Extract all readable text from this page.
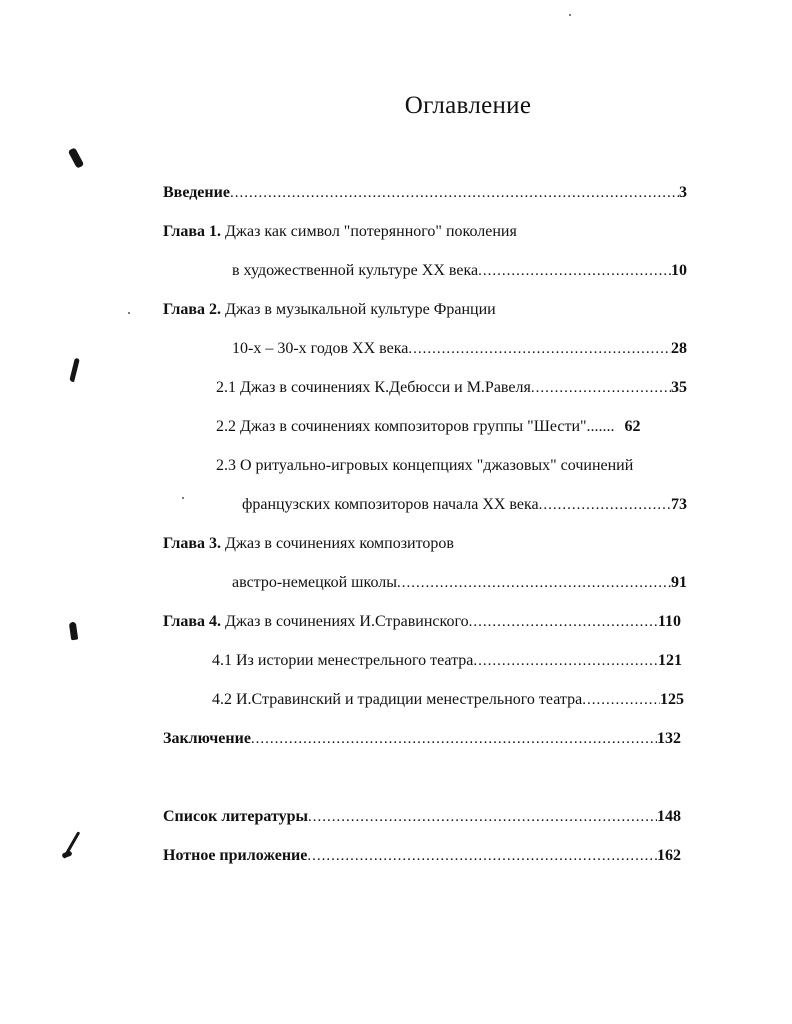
Оглавление
Введение .....	3
Глава 1. Джаз как символ "потерянного" поколения
в художественной культуре XX века .....	10
Глава 2. Джаз в музыкальной культуре Франции
10-х – 30-х годов XX века .....	28
2.1 Джаз в сочинениях К.Дебюсси и М.Равеля .....	35
2.2 Джаз в сочинениях композиторов группы "Шести"....... 62
2.3 О ритуально-игровых концепциях "джазовых" сочинений
французских композиторов начала XX века .....	73
Глава 3. Джаз в сочинениях композиторов
австро-немецкой школы .....	91
Глава 4. Джаз в сочинениях И.Стравинского .....	110
4.1 Из истории менестрельного театра .....	121
4.2 И.Стравинский и традиции менестрельного театра .....	125
Заключение .....	132
Список литературы .....	148
Нотное приложение .....	162
